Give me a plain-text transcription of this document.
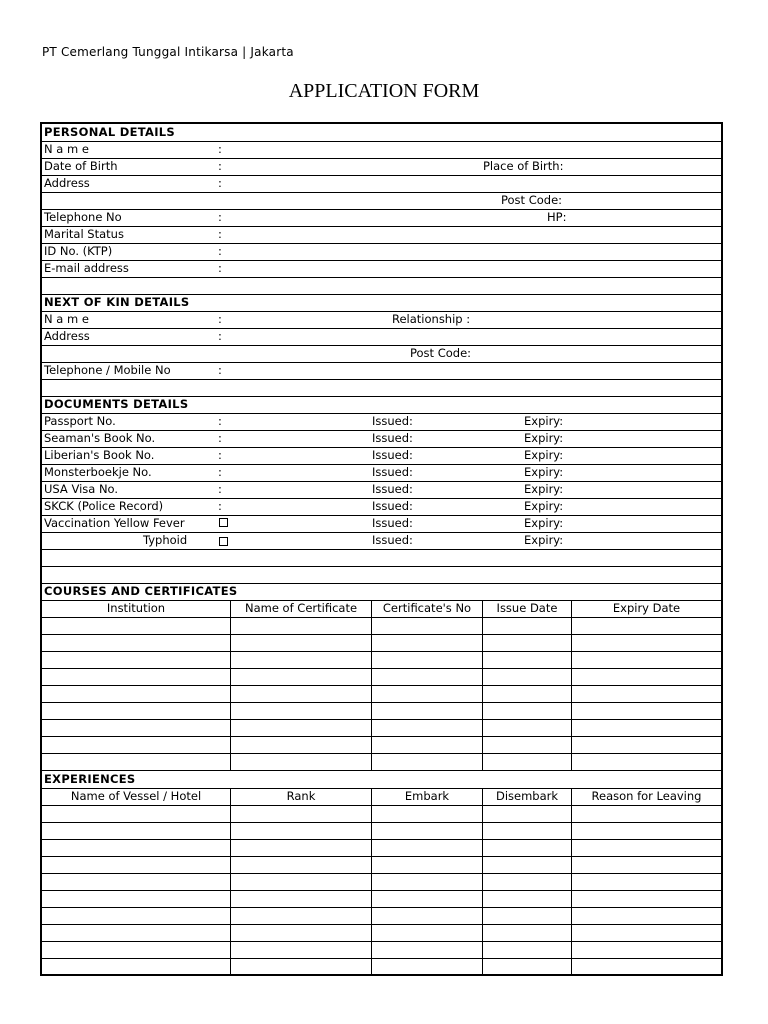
PT Cemerlang Tunggal Intikarsa | Jakarta
APPLICATION FORM
PERSONAL DETAILS
N a m e	:
Date of Birth	:	Place of Birth:
Address	:
Post Code:
Telephone No	:	HP:
Marital Status	:
ID No. (KTP)	:
E-mail address	:
NEXT OF KIN DETAILS
N a m e	:	Relationship :
Address	:
Post Code:
Telephone / Mobile No	:
DOCUMENTS DETAILS
Passport No.	:	Issued:	Expiry:
Seaman's Book No.	:	Issued:	Expiry:
Liberian's Book No.	:	Issued:	Expiry:
Monsterboekje No.	:	Issued:	Expiry:
USA Visa No.	:	Issued:	Expiry:
SKCK (Police Record)	:	Issued:	Expiry:
Vaccination Yellow Fever	Issued:	Expiry:
Typhoid	Issued:	Expiry:
COURSES AND CERTIFICATES
Institution	Name of Certificate	Certificate's No	Issue Date	Expiry Date
EXPERIENCES
Name of Vessel / Hotel	Rank	Embark	Disembark	Reason for Leaving
